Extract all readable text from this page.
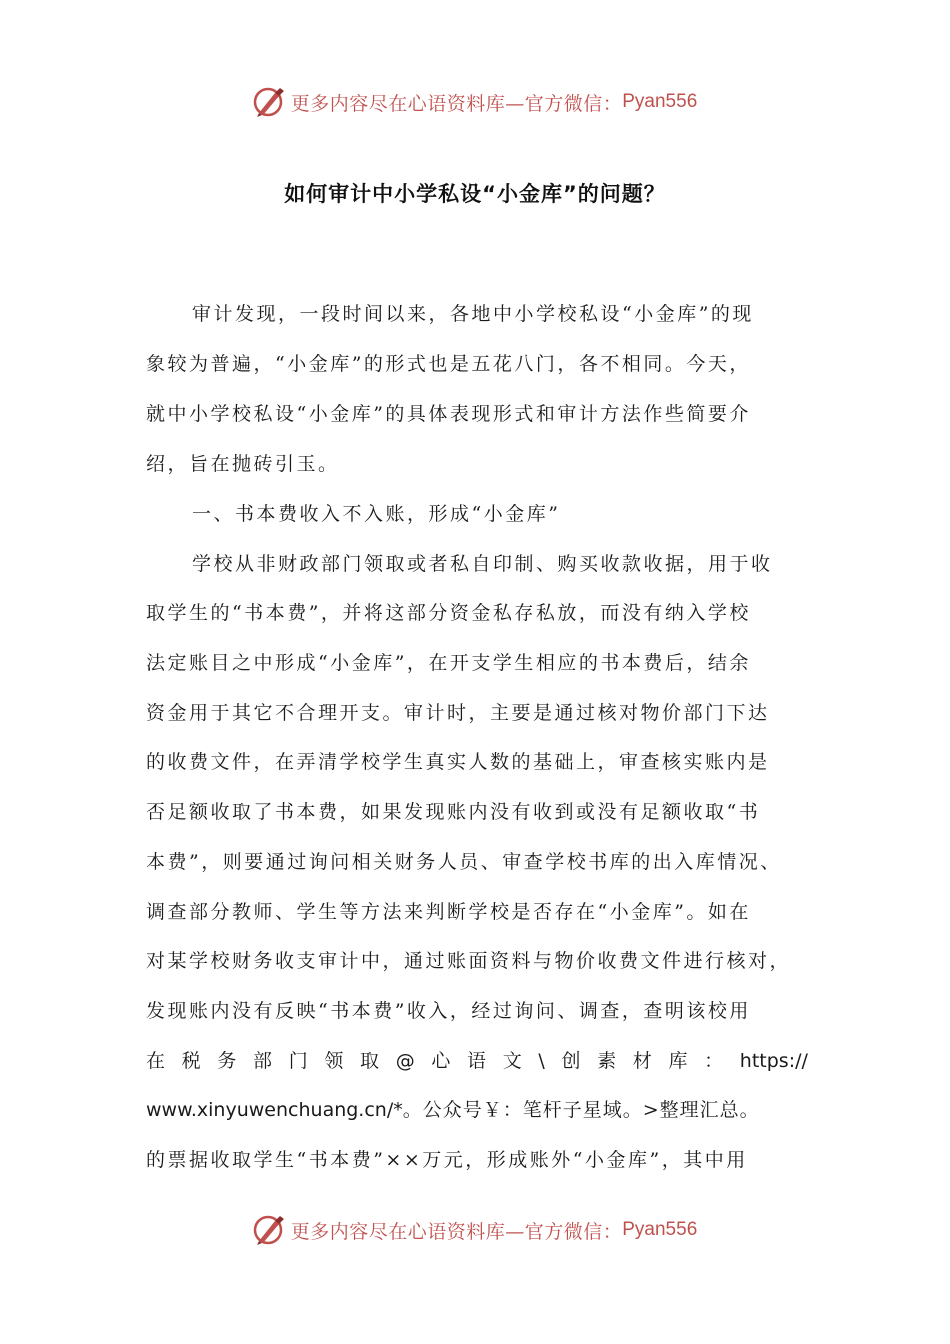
更多内容尽在心语资料库—官方微信： Pyan556
如何审计中小学私设“小金库”的问题？
审计发现，一段时间以来，各地中小学校私设“小金库”的现
象较为普遍，“小金库”的形式也是五花八门，各不相同。今天，
就中小学校私设“小金库”的具体表现形式和审计方法作些简要介
绍，旨在抛砖引玉。
一、书本费收入不入账，形成“小金库”
学校从非财政部门领取或者私自印制、购买收款收据，用于收
取学生的“书本费”，并将这部分资金私存私放，而没有纳入学校
法定账目之中形成“小金库”，在开支学生相应的书本费后，结余
资金用于其它不合理开支。审计时，主要是通过核对物价部门下达
的收费文件，在弄清学校学生真实人数的基础上，审查核实账内是
否足额收取了书本费，如果发现账内没有收到或没有足额收取“书
本费”，则要通过询问相关财务人员、审查学校书库的出入库情况、
调查部分教师、学生等方法来判断学校是否存在“小金库”。如在
对某学校财务收支审计中，通过账面资料与物价收费文件进行核对，
发现账内没有反映“书本费”收入，经过询问、调查，查明该校用
在 税 务 部 门 领 取 @ 心 语 文 \ 创 素 材 库 ： https://
www.xinyuwenchuang.cn/*。公众号￥：笔杆子星域。>整理汇总。
的票据收取学生“书本费”××万元，形成账外“小金库”，其中用
更多内容尽在心语资料库—官方微信： Pyan556
